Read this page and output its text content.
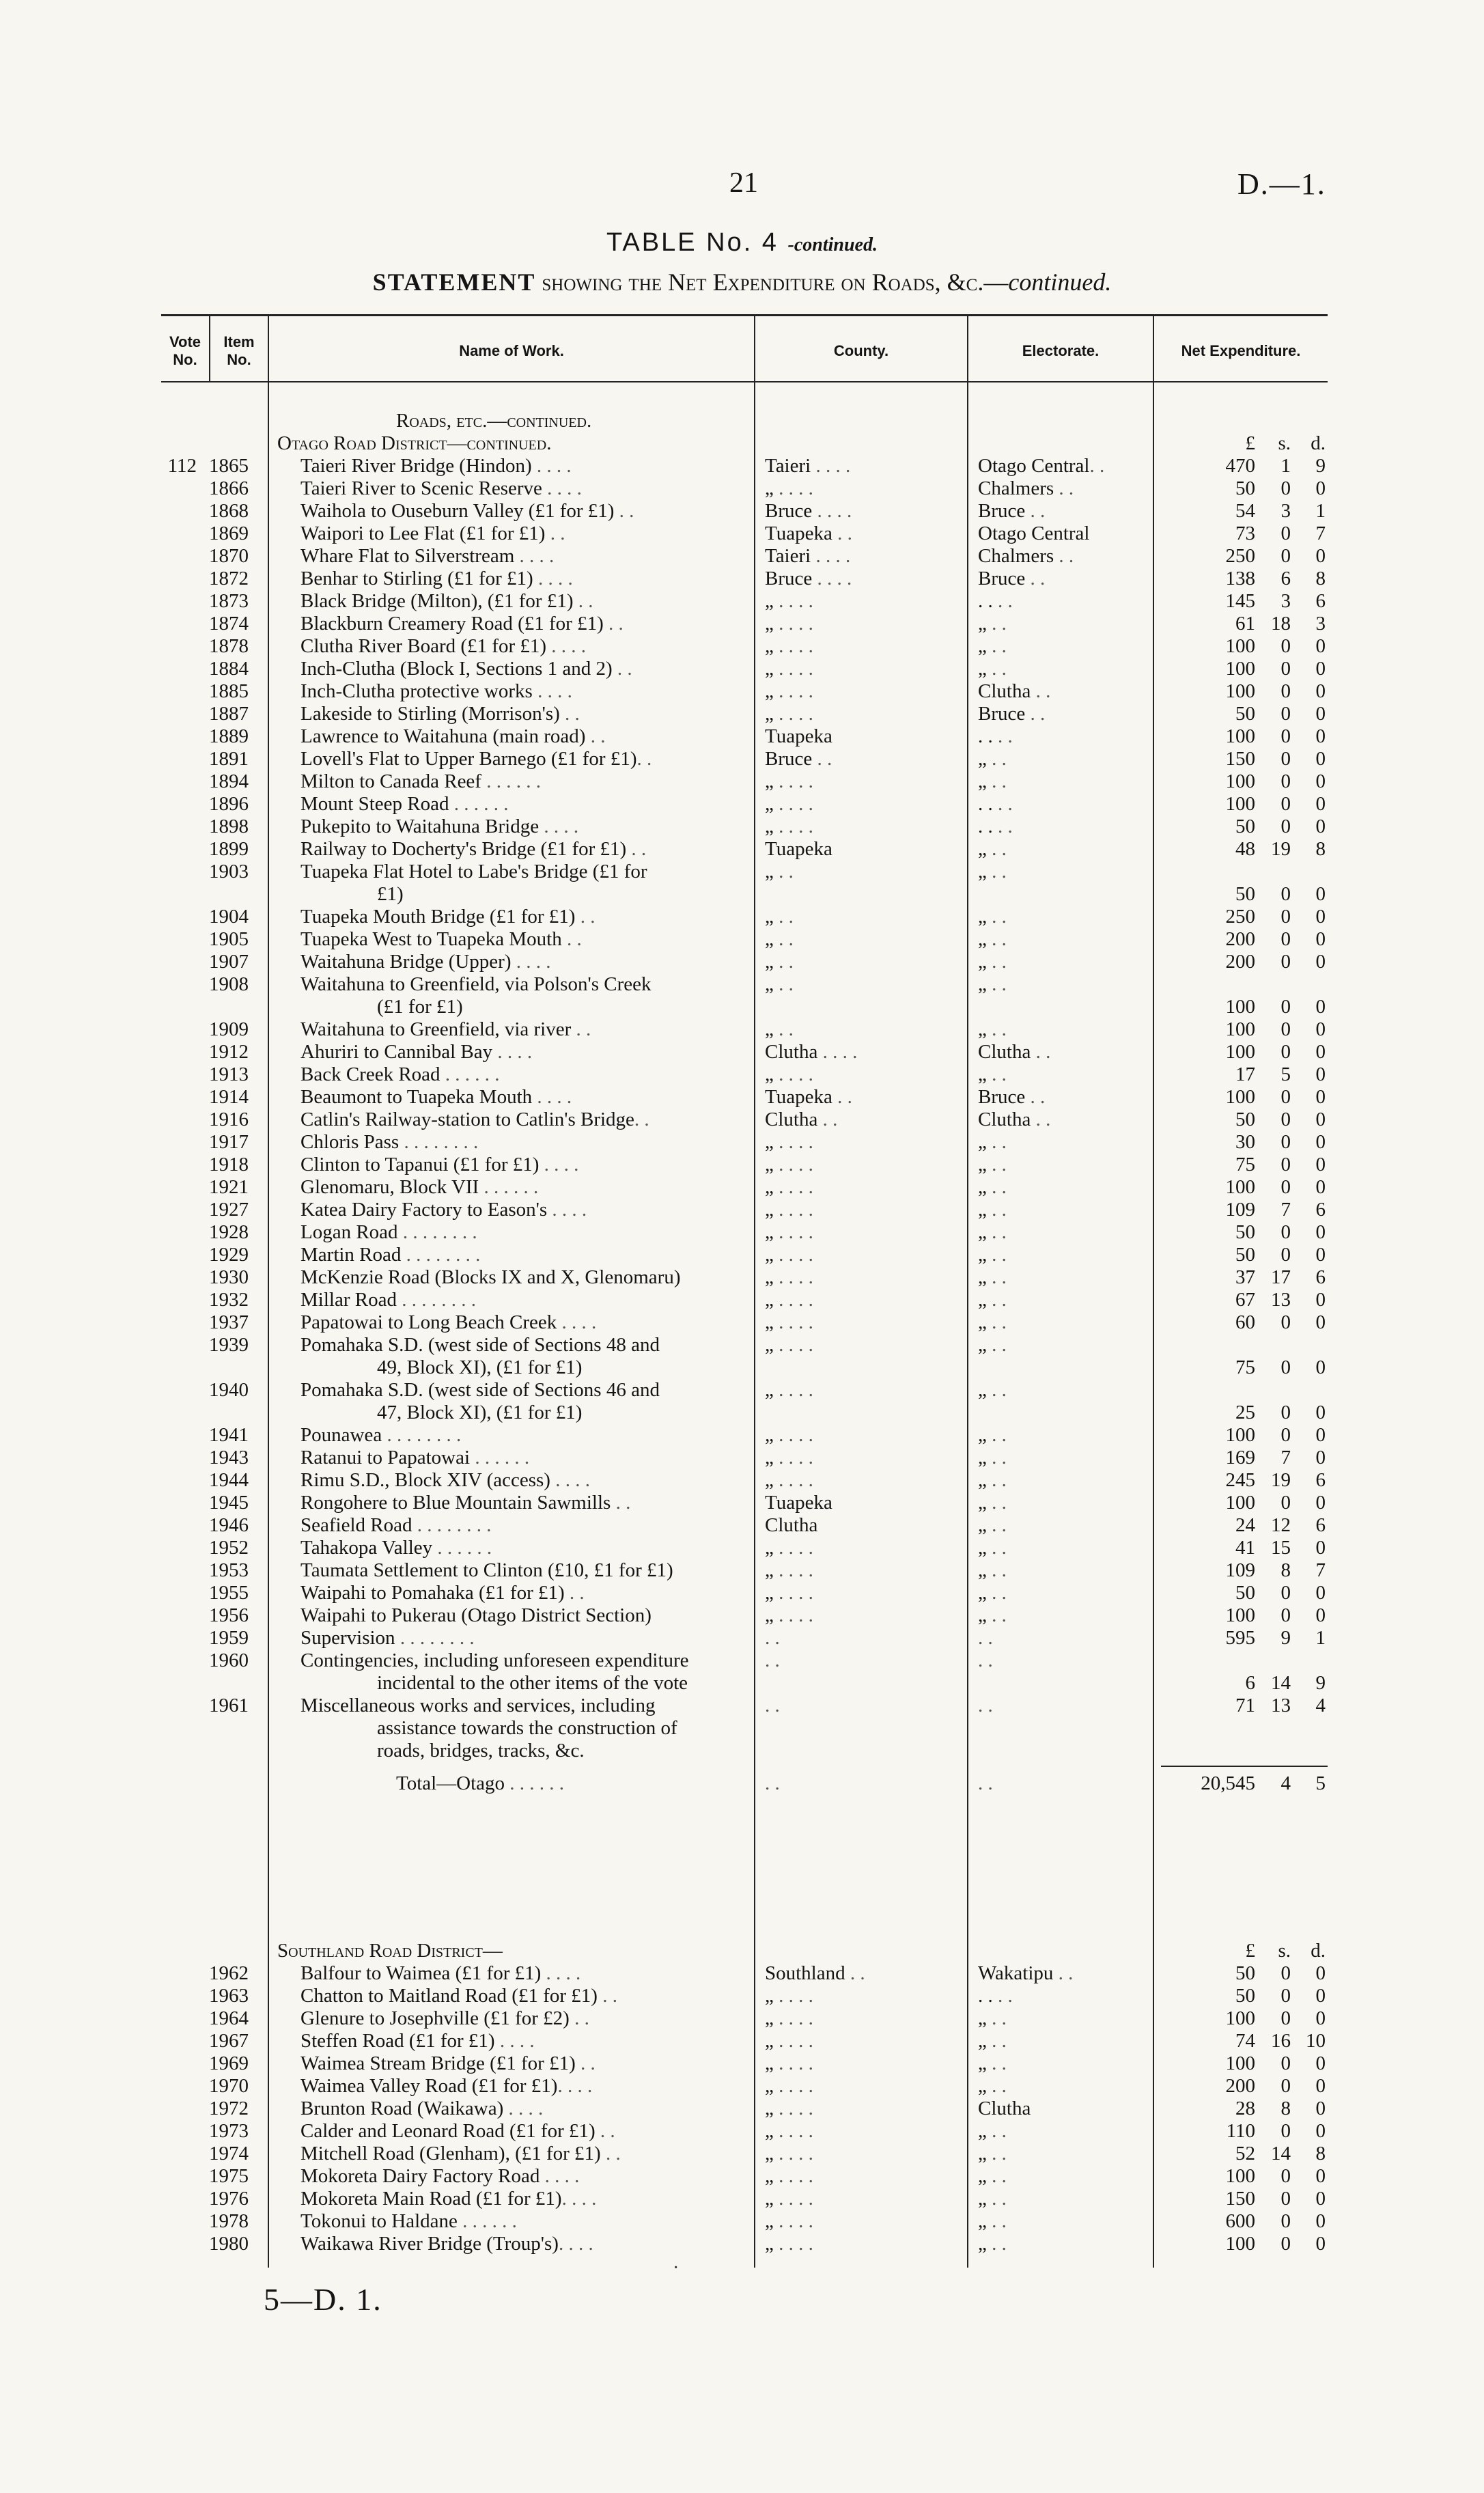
21	D.—1.
TABLE No. 4 -continued.
STATEMENT showing the Net Expenditure on Roads, &c.—continued.
Vote No.
Item No.
Name of Work.	County.	Electorate.	Net Expenditure.
Roads, etc.—continued.
Otago Road District—continued.	£	s.	d.
112 1865	Taieri River Bridge (Hindon) . . . .	Taieri . . . .	Otago Central. .	470	1	9
1866	Taieri River to Scenic Reserve . . . .	„ . . . .	Chalmers . .	50	0	0
1868	Waihola to Ouseburn Valley (£1 for £1) . .	Bruce . . . .	Bruce . .	54	3	1
1869	Waipori to Lee Flat (£1 for £1) . .	Tuapeka . .	Otago Central	73	0	7
1870	Whare Flat to Silverstream . . . .	Taieri . . . .	Chalmers . .	250	0	0
1872	Benhar to Stirling (£1 for £1) . . . .	Bruce . . . .	Bruce . .	138	6	8
1873	Black Bridge (Milton), (£1 for £1) . .	„ . . . .	. . . .	145	3	6
1874	Blackburn Creamery Road (£1 for £1) . .	„ . . . .	„ . .	61 18	3
1878	Clutha River Board (£1 for £1) . . . .	„ . . . .	„ . .	100	0	0
1884	Inch-Clutha (Block I, Sections 1 and 2) . .	„ . . . .	„ . .	100	0	0
1885	Inch-Clutha protective works . . . .	„ . . . .	Clutha . .	100	0	0
1887	Lakeside to Stirling (Morrison's) . .	„ . . . .	Bruce . .	50	0	0
1889	Lawrence to Waitahuna (main road) . .	Tuapeka	. . . .	100	0	0
1891	Lovell's Flat to Upper Barnego (£1 for £1). .	Bruce . .	„ . .	150	0	0
1894	Milton to Canada Reef . . . . . .	„ . . . .	„ . .	100	0	0
1896	Mount Steep Road . . . . . .	„ . . . .	. . . .	100	0	0
1898	Pukepito to Waitahuna Bridge . . . .	„ . . . .	. . . .	50	0	0
1899	Railway to Docherty's Bridge (£1 for £1) . .	Tuapeka	„ . .	48 19	8
1903	Tuapeka Flat Hotel to Labe's Bridge (£1 for	„ . .	„ . .
50	0	0
£1)
1904	Tuapeka Mouth Bridge (£1 for £1) . .	„ . .	„ . .	250	0	0
1905	Tuapeka West to Tuapeka Mouth . .	„ . .	„ . .	200	0	0
1907	Waitahuna Bridge (Upper) . . . .	„ . .	„ . .	200	0	0
1908	Waitahuna to Greenfield, via Polson's Creek	„ . .	„ . .
100	0	0
(£1 for £1)
1909	Waitahuna to Greenfield, via river . .	„ . .	„ . .	100	0	0
1912	Ahuriri to Cannibal Bay . . . .	Clutha . . . .	Clutha . .	100	0	0
1913	Back Creek Road . . . . . .	„ . . . .	„ . .	17	5	0
1914	Beaumont to Tuapeka Mouth . . . .	Tuapeka . .	Bruce . .	100	0	0
1916	Catlin's Railway-station to Catlin's Bridge. .	Clutha . .	Clutha . .	50	0	0
1917	Chloris Pass . . . . . . . .	„ . . . .	„ . .	30	0	0
1918	Clinton to Tapanui (£1 for £1) . . . .	„ . . . .	„ . .	75	0	0
1921	Glenomaru, Block VII . . . . . .	„ . . . .	„ . .	100	0	0
1927	Katea Dairy Factory to Eason's . . . .	„ . . . .	„ . .	109	7	6
1928	Logan Road . . . . . . . .	„ . . . .	„ . .	50	0	0
1929	Martin Road . . . . . . . .	„ . . . .	„ . .	50	0	0
1930	McKenzie Road (Blocks IX and X, Glenomaru)	„ . . . .	„ . .	37 17	6
1932	Millar Road . . . . . . . .	„ . . . .	„ . .	67 13	0
1937	Papatowai to Long Beach Creek . . . .	„ . . . .	„ . .	60	0	0
1939	Pomahaka S.D. (west side of Sections 48 and	„ . . . .	„ . .
75	0	0
49, Block XI), (£1 for £1)
1940	Pomahaka S.D. (west side of Sections 46 and	„ . . . .	„ . .
25	0	0
47, Block XI), (£1 for £1)
1941	Pounawea . . . . . . . .	„ . . . .	„ . .	100	0	0
1943	Ratanui to Papatowai . . . . . .	„ . . . .	„ . .	169	7	0
1944	Rimu S.D., Block XIV (access) . . . .	„ . . . .	„ . .	245 19	6
1945	Rongohere to Blue Mountain Sawmills . .	Tuapeka	„ . .	100	0	0
1946	Seafield Road . . . . . . . .	Clutha	„ . .	24 12	6
1952	Tahakopa Valley . . . . . .	„ . . . .	„ . .	41 15	0
1953	Taumata Settlement to Clinton (£10, £1 for £1)	„ . . . .	„ . .	109	8	7
1955	Waipahi to Pomahaka (£1 for £1) . .	„ . . . .	„ . .	50	0	0
1956	Waipahi to Pukerau (Otago District Section)	„ . . . .	„ . .	100	0	0
1959	Supervision . . . . . . . .	. .	. .	595	9	1
1960	Contingencies, including unforeseen expenditure	. .	. .
6 14	9
incidental to the other items of the vote
1961	Miscellaneous works and services, including	. .	. .	71 13	4
assistance towards the construction of
roads, bridges, tracks, &c.
Total—Otago . . . . . .	. .	. .	20,545	4	5
Southland Road District—	£	s.	d.
1962	Balfour to Waimea (£1 for £1) . . . .	Southland . .	Wakatipu . .	50	0	0
1963	Chatton to Maitland Road (£1 for £1) . .	„ . . . .	. . . .	50	0	0
1964	Glenure to Josephville (£1 for £2) . .	„ . . . .	„ . .	100	0	0
1967	Steffen Road (£1 for £1) . . . .	„ . . . .	„ . .	74 16 10
1969	Waimea Stream Bridge (£1 for £1) . .	„ . . . .	„ . .	100	0	0
1970	Waimea Valley Road (£1 for £1). . . .	„ . . . .	„ . .	200	0	0
1972	Brunton Road (Waikawa) . . . .	„ . . . .	Clutha	28	8	0
1973	Calder and Leonard Road (£1 for £1) . .	„ . . . .	„ . .	110	0	0
1974	Mitchell Road (Glenham), (£1 for £1) . .	„ . . . .	„ . .	52 14	8
1975	Mokoreta Dairy Factory Road . . . .	„ . . . .	„ . .	100	0	0
1976	Mokoreta Main Road (£1 for £1). . . .	„ . . . .	„ . .	150	0	0
1978	Tokonui to Haldane . . . . . .	„ . . . .	„ . .	600	0	0
1980	Waikawa River Bridge (Troup's). . . .	„ . . . .	„ . .	100	0	0
5—D. 1.
·
